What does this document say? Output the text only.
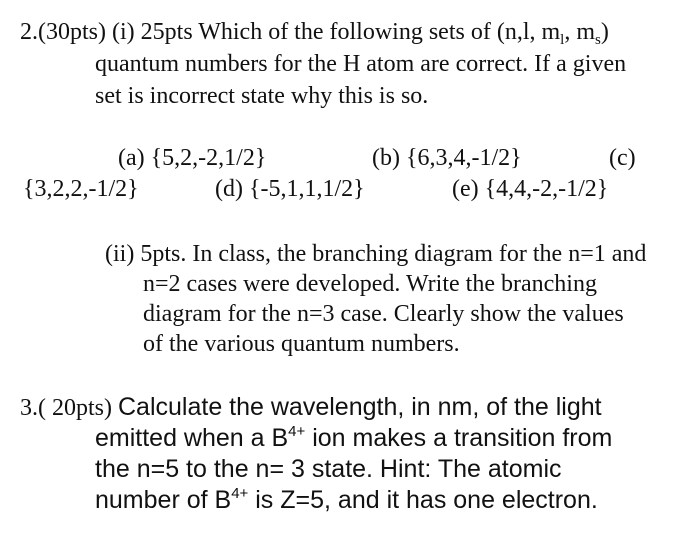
2.(30pts) (i) 25pts Which of the following sets of (n,l, $m_l$, $m_s$)
quantum numbers for the H atom are correct. If a given
set is incorrect state why this is so.
(a) {5,2,-2,1/2}	(b) {6,3,4,-1/2}	(c)
{3,2,2,-1/2}	(d) {-5,1,1,1/2}	(e) {4,4,-2,-1/2}
(ii) 5pts. In class, the branching diagram for the n=1 and
n=2 cases were developed. Write the branching
diagram for the n=3 case. Clearly show the values
of the various quantum numbers.
3.( 20pts) Calculate the wavelength, in nm, of the light
emitted when a $B^{4+}$ ion makes a transition from
the n=5 to the n= 3 state. Hint: The atomic
number of $B^{4+}$ is Z=5, and it has one electron.
